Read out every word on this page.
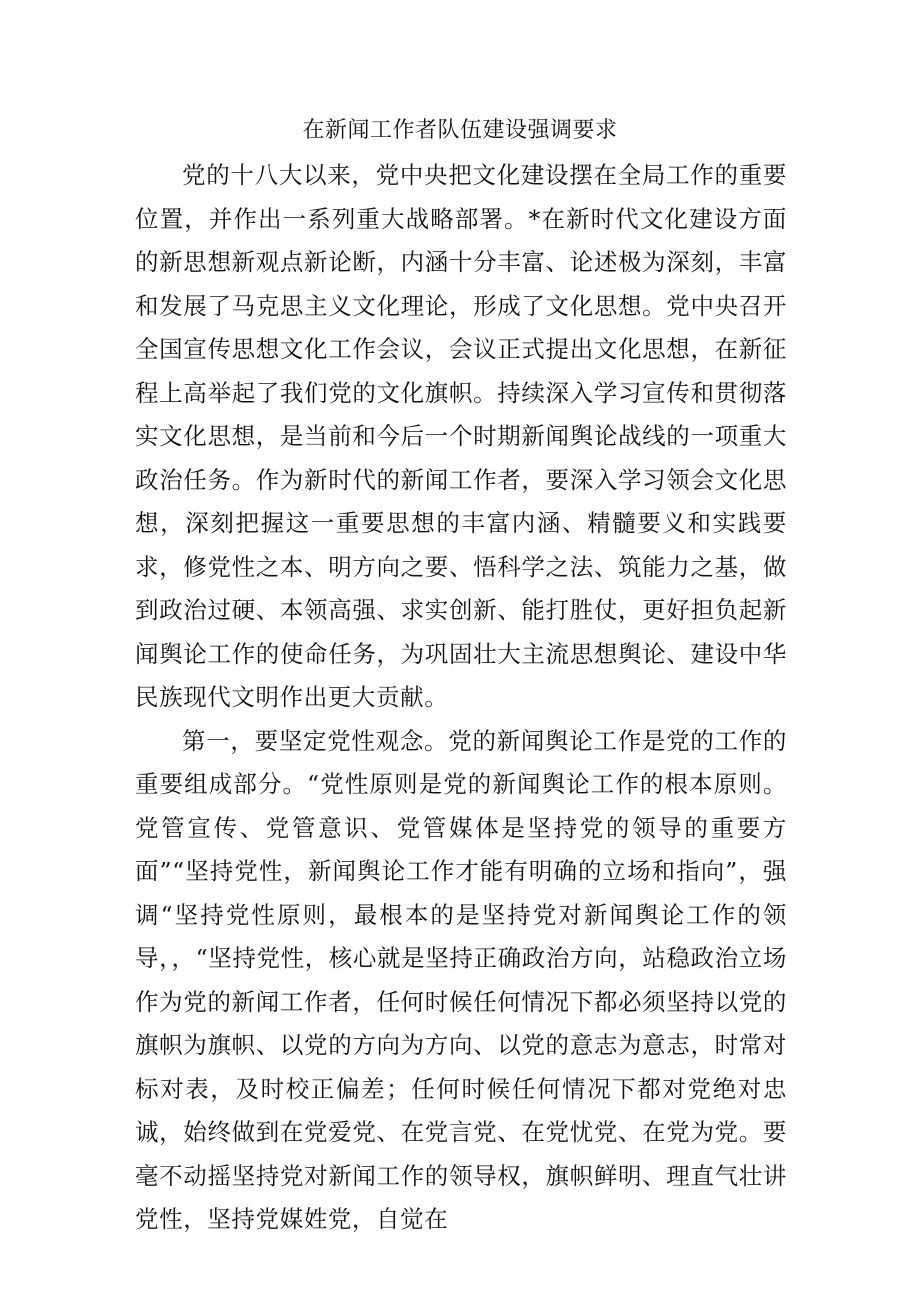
在新闻工作者队伍建设强调要求

党的十八大以来，党中央把文化建设摆在全局工作的重要位置，并作出一系列重大战略部署。*在新时代文化建设方面的新思想新观点新论断，内涵十分丰富、论述极为深刻，丰富和发展了马克思主义文化理论，形成了文化思想。党中央召开全国宣传思想文化工作会议，会议正式提出文化思想，在新征程上高举起了我们党的文化旗帜。持续深入学习宣传和贯彻落实文化思想，是当前和今后一个时期新闻舆论战线的一项重大政治任务。作为新时代的新闻工作者，要深入学习领会文化思想，深刻把握这一重要思想的丰富内涵、精髓要义和实践要求，修党性之本、明方向之要、悟科学之法、筑能力之基，做到政治过硬、本领高强、求实创新、能打胜仗，更好担负起新闻舆论工作的使命任务，为巩固壮大主流思想舆论、建设中华民族现代文明作出更大贡献。

第一，要坚定党性观念。党的新闻舆论工作是党的工作的重要组成部分。“党性原则是党的新闻舆论工作的根本原则。党管宣传、党管意识、党管媒体是坚持党的领导的重要方面”“坚持党性，新闻舆论工作才能有明确的立场和指向”，强调“坚持党性原则，最根本的是坚持党对新闻舆论工作的领导，，“坚持党性，核心就是坚持正确政治方向，站稳政治立场作为党的新闻工作者，任何时候任何情况下都必须坚持以党的旗帜为旗帜、以党的方向为方向、以党的意志为意志，时常对标对表，及时校正偏差；任何时候任何情况下都对党绝对忠诚，始终做到在党爱党、在党言党、在党忧党、在党为党。要毫不动摇坚持党对新闻工作的领导权，旗帜鲜明、理直气壮讲党性，坚持党媒姓党，自觉在
